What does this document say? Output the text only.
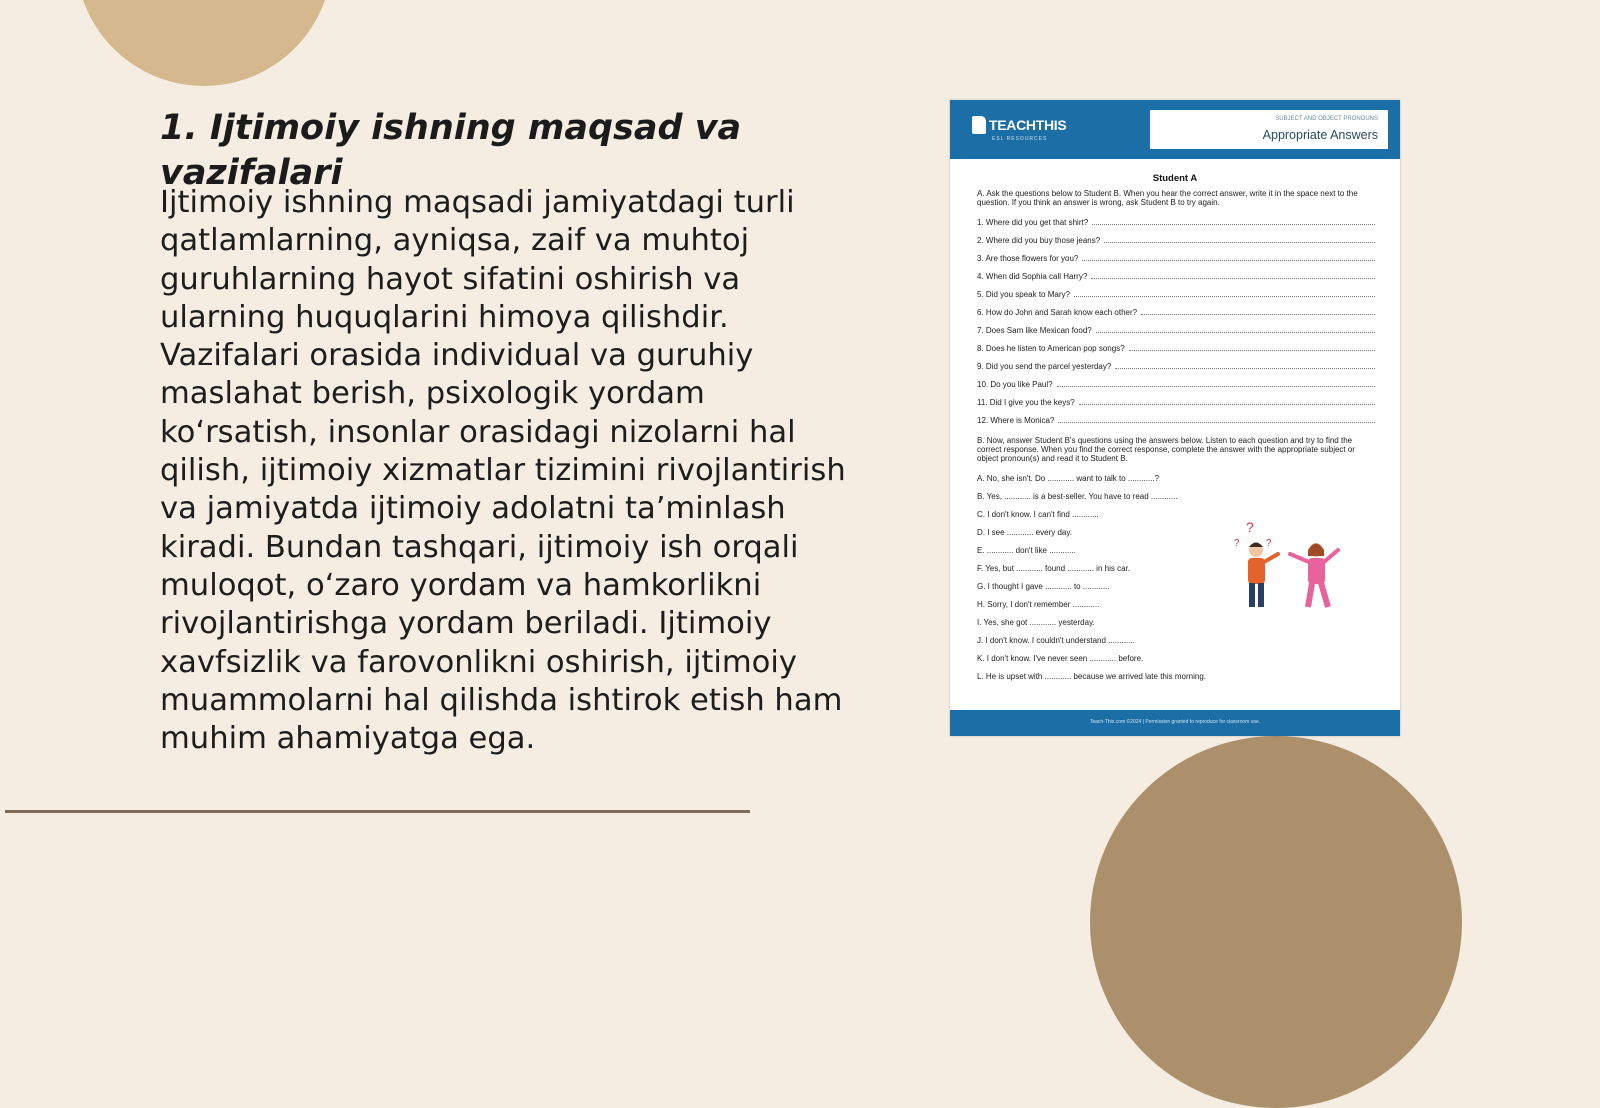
1. Ijtimoiy ishning maqsad va vazifalari

Ijtimoiy ishning maqsadi jamiyatdagi turli qatlamlarning, ayniqsa, zaif va muhtoj guruhlarning hayot sifatini oshirish va ularning huquqlarini himoya qilishdir. Vazifalari orasida individual va guruhiy maslahat berish, psixologik yordam ko‘rsatish, insonlar orasidagi nizolarni hal qilish, ijtimoiy xizmatlar tizimini rivojlantirish va jamiyatda ijtimoiy adolatni ta’minlash kiradi. Bundan tashqari, ijtimoiy ish orqali muloqot, o‘zaro yordam va hamkorlikni rivojlantirishga yordam beriladi. Ijtimoiy xavfsizlik va farovonlikni oshirish, ijtimoiy muammolarni hal qilishda ishtirok etish ham muhim ahamiyatga ega.

TEACHTHIS
ESL RESOURCES
SUBJECT AND OBJECT PRONOUNS
Appropriate Answers
Student A
A. Ask the questions below to Student B. When you hear the correct answer, write it in the space next to the question. If you think an answer is wrong, ask Student B to try again.
1. Where did you get that shirt?
2. Where did you buy those jeans?
3. Are those flowers for you?
4. When did Sophia call Harry?
5. Did you speak to Mary?
6. How do John and Sarah know each other?
7. Does Sam like Mexican food?
8. Does he listen to American pop songs?
9. Did you send the parcel yesterday?
10. Do you like Paul?
11. Did I give you the keys?
12. Where is Monica?
B. Now, answer Student B's questions using the answers below. Listen to each question and try to find the correct response. When you find the correct response, complete the answer with the appropriate subject or object pronoun(s) and read it to Student B.
A. No, she isn't. Do ............ want to talk to ............?
B. Yes, ............ is a best-seller. You have to read ............
C. I don't know. I can't find ............
D. I see ............ every day.
E. ............ don't like ............
F. Yes, but ............ found ............ in his car.
G. I thought I gave ............ to ............
H. Sorry, I don't remember ............
I. Yes, she got ............ yesterday.
J. I don't know. I couldn't understand ............
K. I don't know. I've never seen ............ before.
L. He is upset with ............ because we arrived late this morning.
?
?	?
Teach-This.com ©2024 | Permission granted to reproduce for classroom use.
